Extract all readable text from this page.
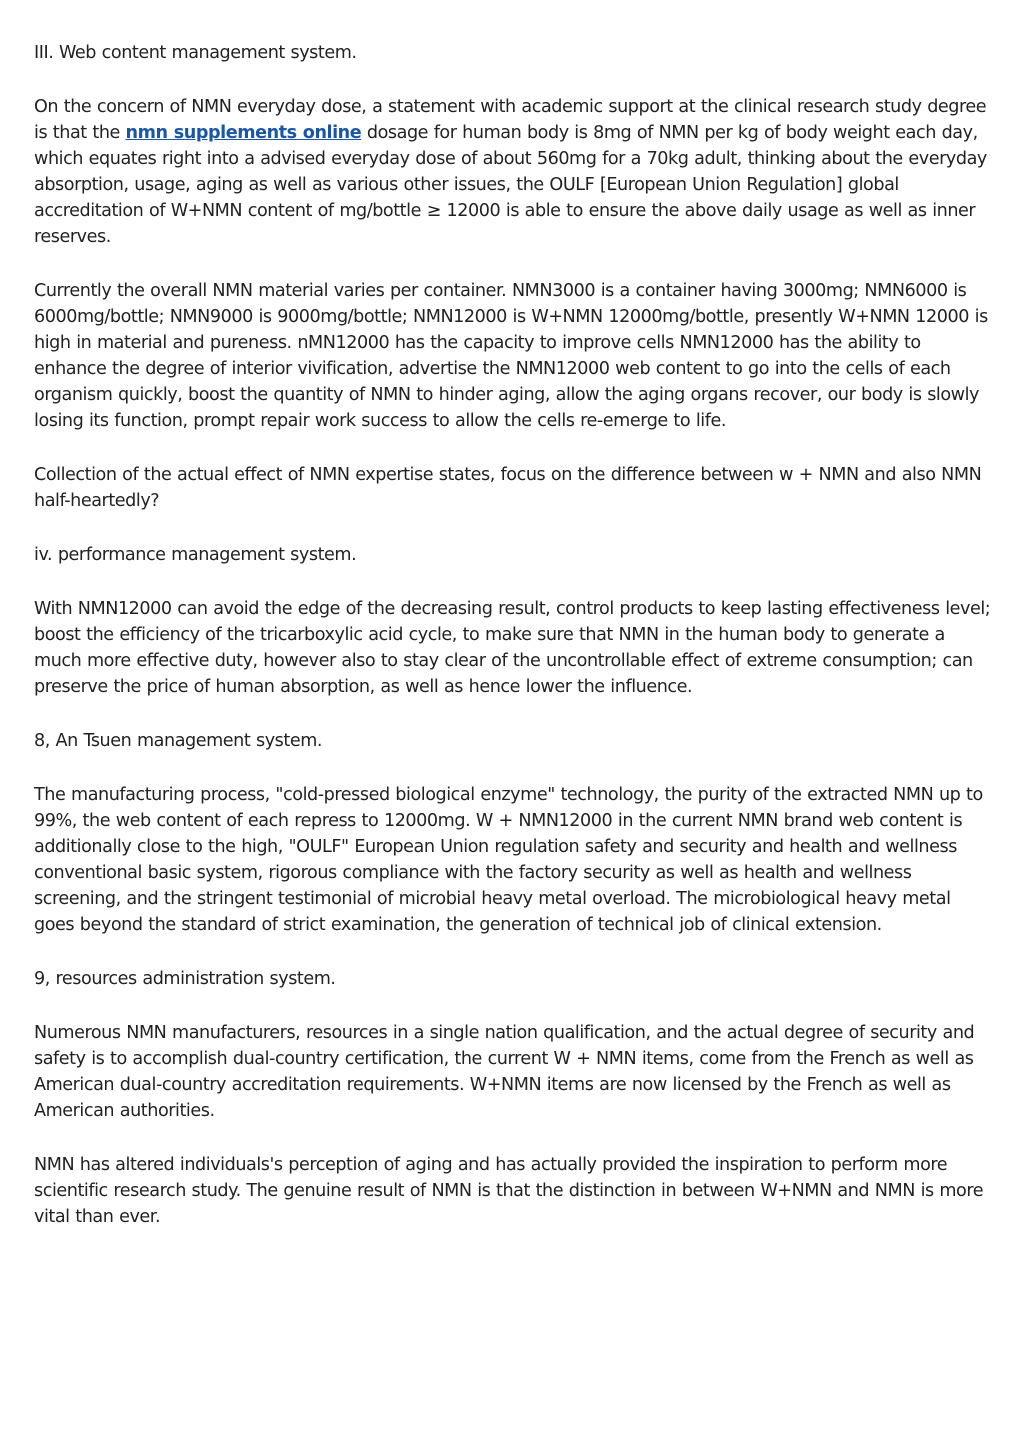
III. Web content management system.

On the concern of NMN everyday dose, a statement with academic support at the clinical research study degree is that the nmn supplements online dosage for human body is 8mg of NMN per kg of body weight each day, which equates right into a advised everyday dose of about 560mg for a 70kg adult, thinking about the everyday absorption, usage, aging as well as various other issues, the OULF [European Union Regulation] global accreditation of W+NMN content of mg/bottle ≥ 12000 is able to ensure the above daily usage as well as inner reserves.

Currently the overall NMN material varies per container. NMN3000 is a container having 3000mg; NMN6000 is 6000mg/bottle; NMN9000 is 9000mg/bottle; NMN12000 is W+NMN 12000mg/bottle, presently W+NMN 12000 is high in material and pureness. nMN12000 has the capacity to improve cells NMN12000 has the ability to enhance the degree of interior vivification, advertise the NMN12000 web content to go into the cells of each organism quickly, boost the quantity of NMN to hinder aging, allow the aging organs recover, our body is slowly losing its function, prompt repair work success to allow the cells re-emerge to life.

Collection of the actual effect of NMN expertise states, focus on the difference between w + NMN and also NMN half-heartedly?

iv. performance management system.

With NMN12000 can avoid the edge of the decreasing result, control products to keep lasting effectiveness level; boost the efficiency of the tricarboxylic acid cycle, to make sure that NMN in the human body to generate a much more effective duty, however also to stay clear of the uncontrollable effect of extreme consumption; can preserve the price of human absorption, as well as hence lower the influence.

8, An Tsuen management system.

The manufacturing process, "cold-pressed biological enzyme" technology, the purity of the extracted NMN up to 99%, the web content of each repress to 12000mg. W + NMN12000 in the current NMN brand web content is additionally close to the high, "OULF" European Union regulation safety and security and health and wellness conventional basic system, rigorous compliance with the factory security as well as health and wellness screening, and the stringent testimonial of microbial heavy metal overload. The microbiological heavy metal goes beyond the standard of strict examination, the generation of technical job of clinical extension.

9, resources administration system.

Numerous NMN manufacturers, resources in a single nation qualification, and the actual degree of security and safety is to accomplish dual-country certification, the current W + NMN items, come from the French as well as American dual-country accreditation requirements. W+NMN items are now licensed by the French as well as American authorities.

NMN has altered individuals's perception of aging and has actually provided the inspiration to perform more scientific research study. The genuine result of NMN is that the distinction in between W+NMN and NMN is more vital than ever.
